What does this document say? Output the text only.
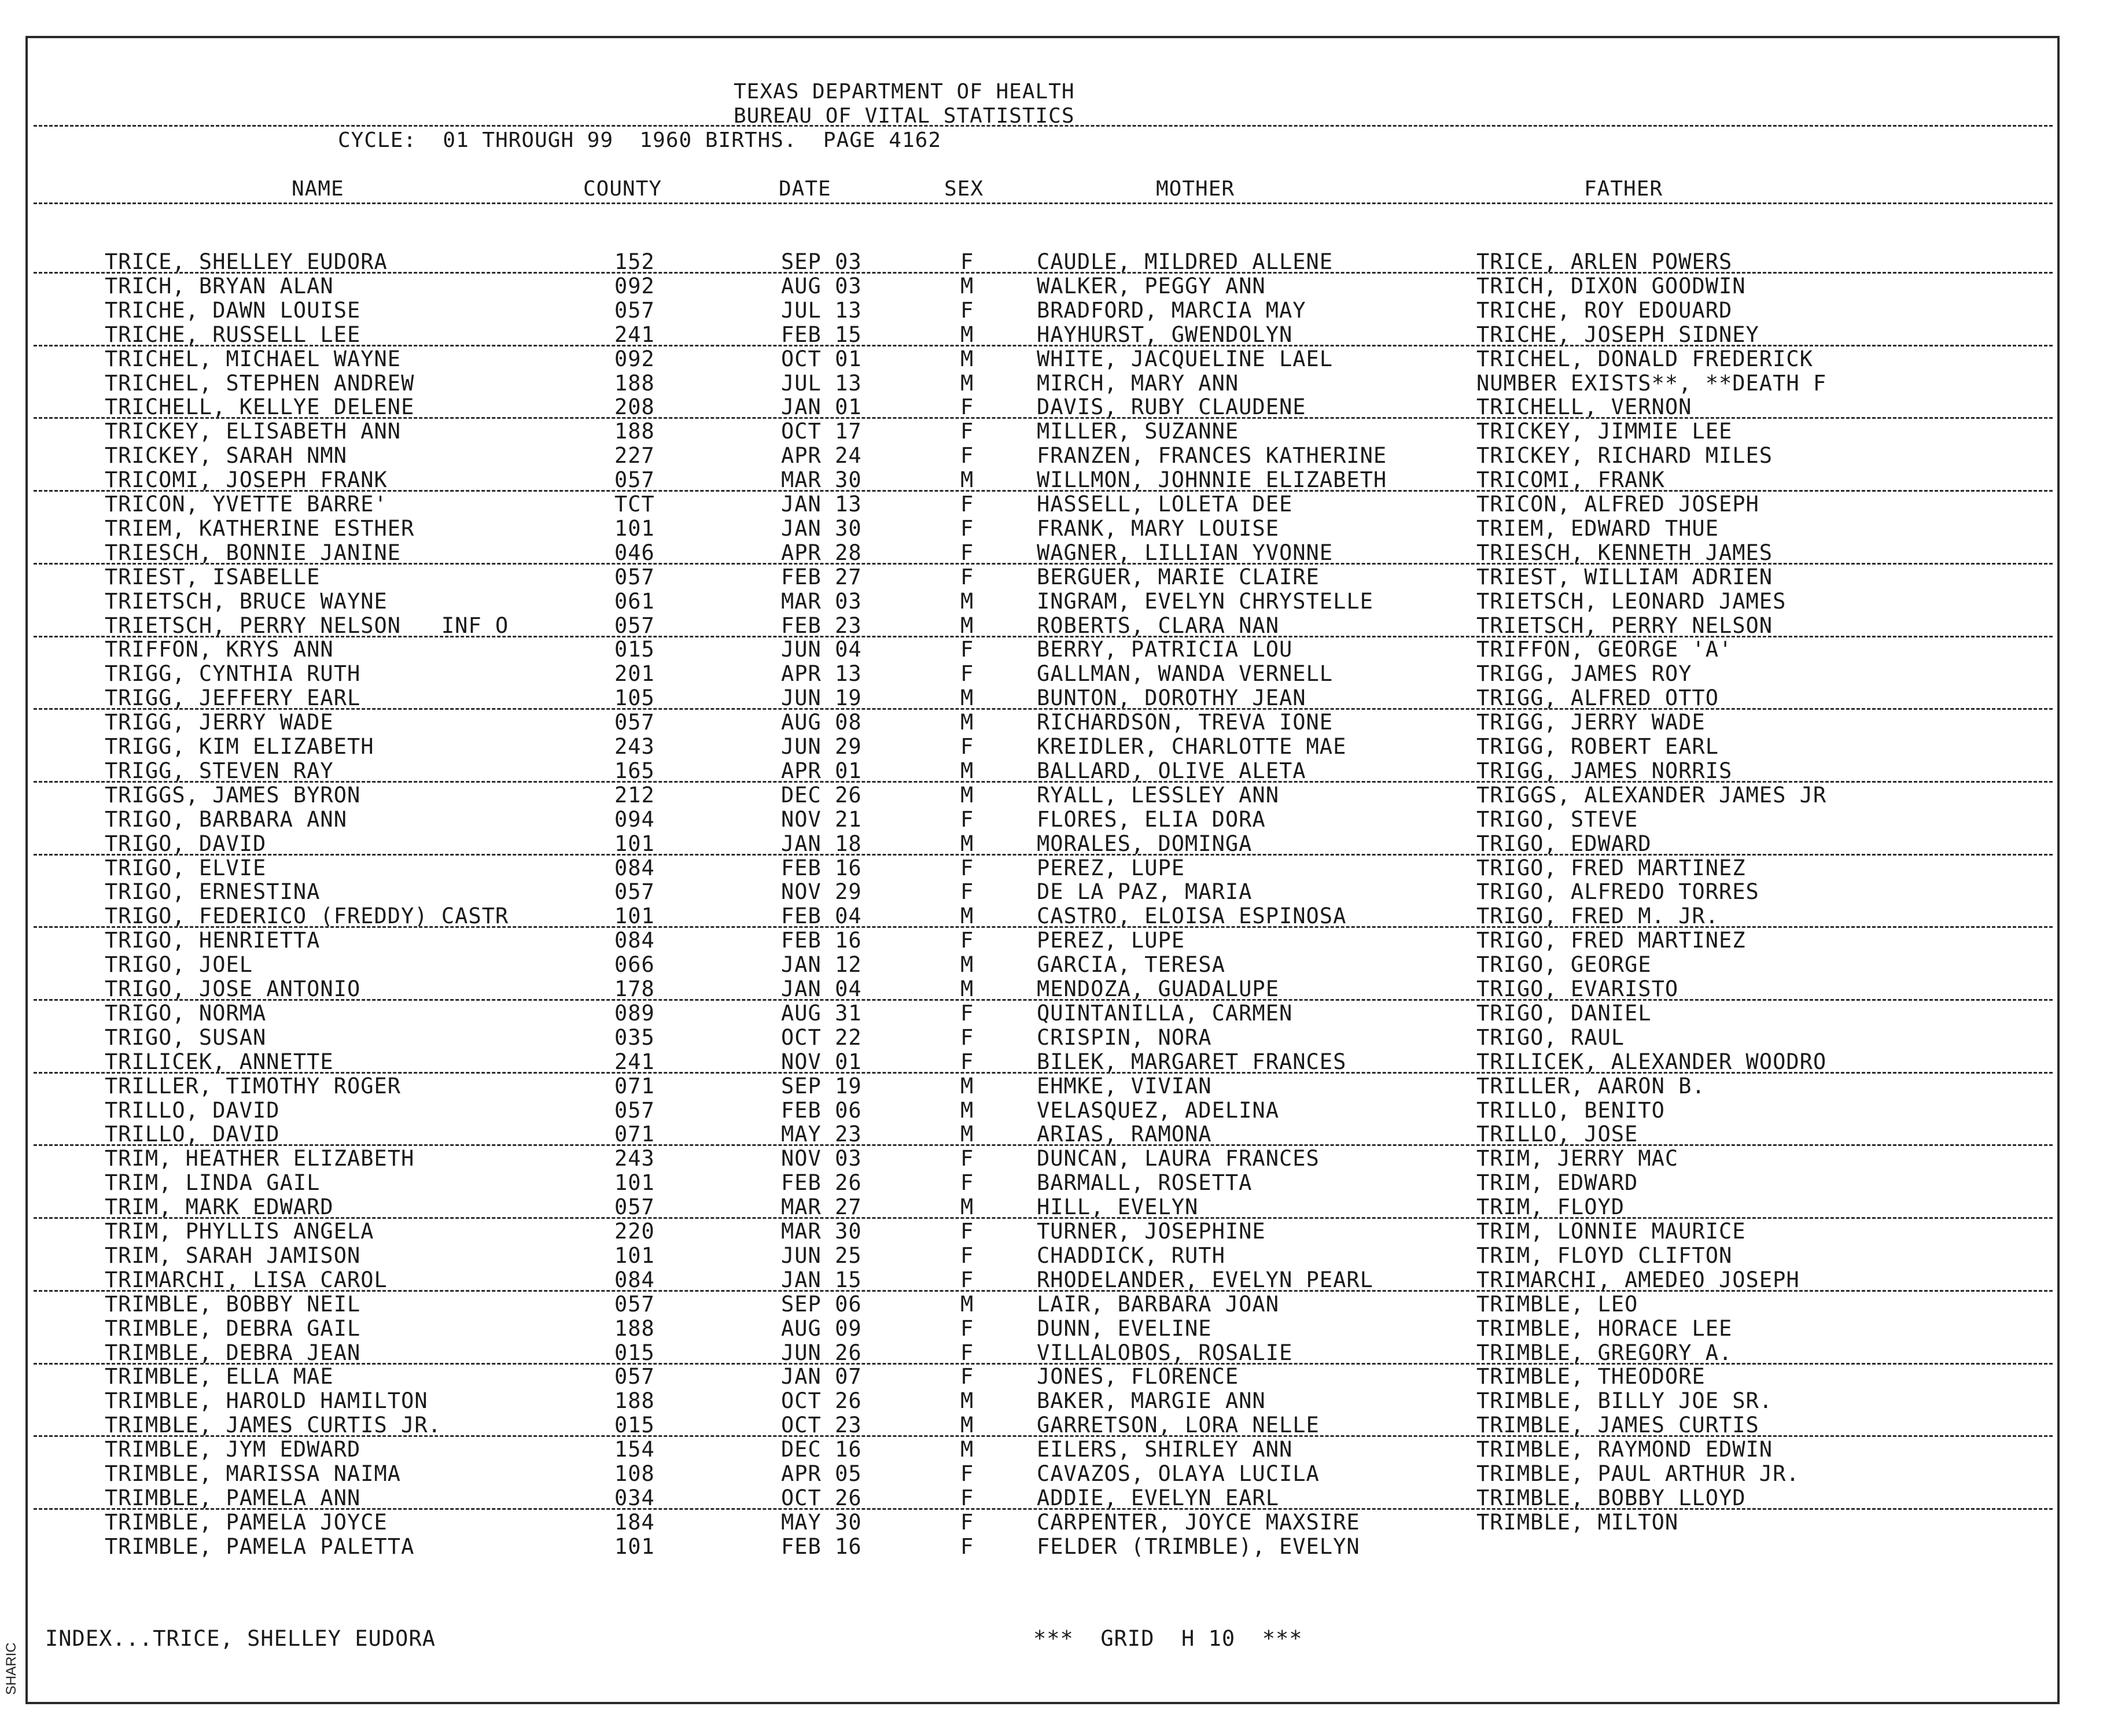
TEXAS DEPARTMENT OF HEALTH
BUREAU OF VITAL STATISTICS
CYCLE:  01 THROUGH 99  1960 BIRTHS.  PAGE 4162
NAME	COUNTY	DATE	SEX	MOTHER	FATHER
TRICE, SHELLEY EUDORA	152	SEP 03	F	CAUDLE, MILDRED ALLENE	TRICE, ARLEN POWERS
TRICH, BRYAN ALAN	092	AUG 03	M	WALKER, PEGGY ANN	TRICH, DIXON GOODWIN
TRICHE, DAWN LOUISE	057	JUL 13	F	BRADFORD, MARCIA MAY	TRICHE, ROY EDOUARD
TRICHE, RUSSELL LEE	241	FEB 15	M	HAYHURST, GWENDOLYN	TRICHE, JOSEPH SIDNEY
TRICHEL, MICHAEL WAYNE	092	OCT 01	M	WHITE, JACQUELINE LAEL	TRICHEL, DONALD FREDERICK
TRICHEL, STEPHEN ANDREW	188	JUL 13	M	MIRCH, MARY ANN	NUMBER EXISTS**, **DEATH F
TRICHELL, KELLYE DELENE	208	JAN 01	F	DAVIS, RUBY CLAUDENE	TRICHELL, VERNON
TRICKEY, ELISABETH ANN	188	OCT 17	F	MILLER, SUZANNE	TRICKEY, JIMMIE LEE
TRICKEY, SARAH NMN	227	APR 24	F	FRANZEN, FRANCES KATHERINE	TRICKEY, RICHARD MILES
TRICOMI, JOSEPH FRANK	057	MAR 30	M	WILLMON, JOHNNIE ELIZABETH	TRICOMI, FRANK
TRICON, YVETTE BARRE'	TCT	JAN 13	F	HASSELL, LOLETA DEE	TRICON, ALFRED JOSEPH
TRIEM, KATHERINE ESTHER	101	JAN 30	F	FRANK, MARY LOUISE	TRIEM, EDWARD THUE
TRIESCH, BONNIE JANINE	046	APR 28	F	WAGNER, LILLIAN YVONNE	TRIESCH, KENNETH JAMES
TRIEST, ISABELLE	057	FEB 27	F	BERGUER, MARIE CLAIRE	TRIEST, WILLIAM ADRIEN
TRIETSCH, BRUCE WAYNE	061	MAR 03	M	INGRAM, EVELYN CHRYSTELLE	TRIETSCH, LEONARD JAMES
TRIETSCH, PERRY NELSON   INF O	057	FEB 23	M	ROBERTS, CLARA NAN	TRIETSCH, PERRY NELSON
TRIFFON, KRYS ANN	015	JUN 04	F	BERRY, PATRICIA LOU	TRIFFON, GEORGE 'A'
TRIGG, CYNTHIA RUTH	201	APR 13	F	GALLMAN, WANDA VERNELL	TRIGG, JAMES ROY
TRIGG, JEFFERY EARL	105	JUN 19	M	BUNTON, DOROTHY JEAN	TRIGG, ALFRED OTTO
TRIGG, JERRY WADE	057	AUG 08	M	RICHARDSON, TREVA IONE	TRIGG, JERRY WADE
TRIGG, KIM ELIZABETH	243	JUN 29	F	KREIDLER, CHARLOTTE MAE	TRIGG, ROBERT EARL
TRIGG, STEVEN RAY	165	APR 01	M	BALLARD, OLIVE ALETA	TRIGG, JAMES NORRIS
TRIGGS, JAMES BYRON	212	DEC 26	M	RYALL, LESSLEY ANN	TRIGGS, ALEXANDER JAMES JR
TRIGO, BARBARA ANN	094	NOV 21	F	FLORES, ELIA DORA	TRIGO, STEVE
TRIGO, DAVID	101	JAN 18	M	MORALES, DOMINGA	TRIGO, EDWARD
TRIGO, ELVIE	084	FEB 16	F	PEREZ, LUPE	TRIGO, FRED MARTINEZ
TRIGO, ERNESTINA	057	NOV 29	F	DE LA PAZ, MARIA	TRIGO, ALFREDO TORRES
TRIGO, FEDERICO (FREDDY) CASTR	101	FEB 04	M	CASTRO, ELOISA ESPINOSA	TRIGO, FRED M. JR.
TRIGO, HENRIETTA	084	FEB 16	F	PEREZ, LUPE	TRIGO, FRED MARTINEZ
TRIGO, JOEL	066	JAN 12	M	GARCIA, TERESA	TRIGO, GEORGE
TRIGO, JOSE ANTONIO	178	JAN 04	M	MENDOZA, GUADALUPE	TRIGO, EVARISTO
TRIGO, NORMA	089	AUG 31	F	QUINTANILLA, CARMEN	TRIGO, DANIEL
TRIGO, SUSAN	035	OCT 22	F	CRISPIN, NORA	TRIGO, RAUL
TRILICEK, ANNETTE	241	NOV 01	F	BILEK, MARGARET FRANCES	TRILICEK, ALEXANDER WOODRO
TRILLER, TIMOTHY ROGER	071	SEP 19	M	EHMKE, VIVIAN	TRILLER, AARON B.
TRILLO, DAVID	057	FEB 06	M	VELASQUEZ, ADELINA	TRILLO, BENITO
TRILLO, DAVID	071	MAY 23	M	ARIAS, RAMONA	TRILLO, JOSE
TRIM, HEATHER ELIZABETH	243	NOV 03	F	DUNCAN, LAURA FRANCES	TRIM, JERRY MAC
TRIM, LINDA GAIL	101	FEB 26	F	BARMALL, ROSETTA	TRIM, EDWARD
TRIM, MARK EDWARD	057	MAR 27	M	HILL, EVELYN	TRIM, FLOYD
TRIM, PHYLLIS ANGELA	220	MAR 30	F	TURNER, JOSEPHINE	TRIM, LONNIE MAURICE
TRIM, SARAH JAMISON	101	JUN 25	F	CHADDICK, RUTH	TRIM, FLOYD CLIFTON
TRIMARCHI, LISA CAROL	084	JAN 15	F	RHODELANDER, EVELYN PEARL	TRIMARCHI, AMEDEO JOSEPH
TRIMBLE, BOBBY NEIL	057	SEP 06	M	LAIR, BARBARA JOAN	TRIMBLE, LEO
TRIMBLE, DEBRA GAIL	188	AUG 09	F	DUNN, EVELINE	TRIMBLE, HORACE LEE
TRIMBLE, DEBRA JEAN	015	JUN 26	F	VILLALOBOS, ROSALIE	TRIMBLE, GREGORY A.
TRIMBLE, ELLA MAE	057	JAN 07	F	JONES, FLORENCE	TRIMBLE, THEODORE
TRIMBLE, HAROLD HAMILTON	188	OCT 26	M	BAKER, MARGIE ANN	TRIMBLE, BILLY JOE SR.
TRIMBLE, JAMES CURTIS JR.	015	OCT 23	M	GARRETSON, LORA NELLE	TRIMBLE, JAMES CURTIS
TRIMBLE, JYM EDWARD	154	DEC 16	M	EILERS, SHIRLEY ANN	TRIMBLE, RAYMOND EDWIN
TRIMBLE, MARISSA NAIMA	108	APR 05	F	CAVAZOS, OLAYA LUCILA	TRIMBLE, PAUL ARTHUR JR.
TRIMBLE, PAMELA ANN	034	OCT 26	F	ADDIE, EVELYN EARL	TRIMBLE, BOBBY LLOYD
TRIMBLE, PAMELA JOYCE	184	MAY 30	F	CARPENTER, JOYCE MAXSIRE	TRIMBLE, MILTON
TRIMBLE, PAMELA PALETTA	101	FEB 16	F	FELDER (TRIMBLE), EVELYN
INDEX...TRICE, SHELLEY EUDORA	***  GRID  H 10  ***
SHARIC
